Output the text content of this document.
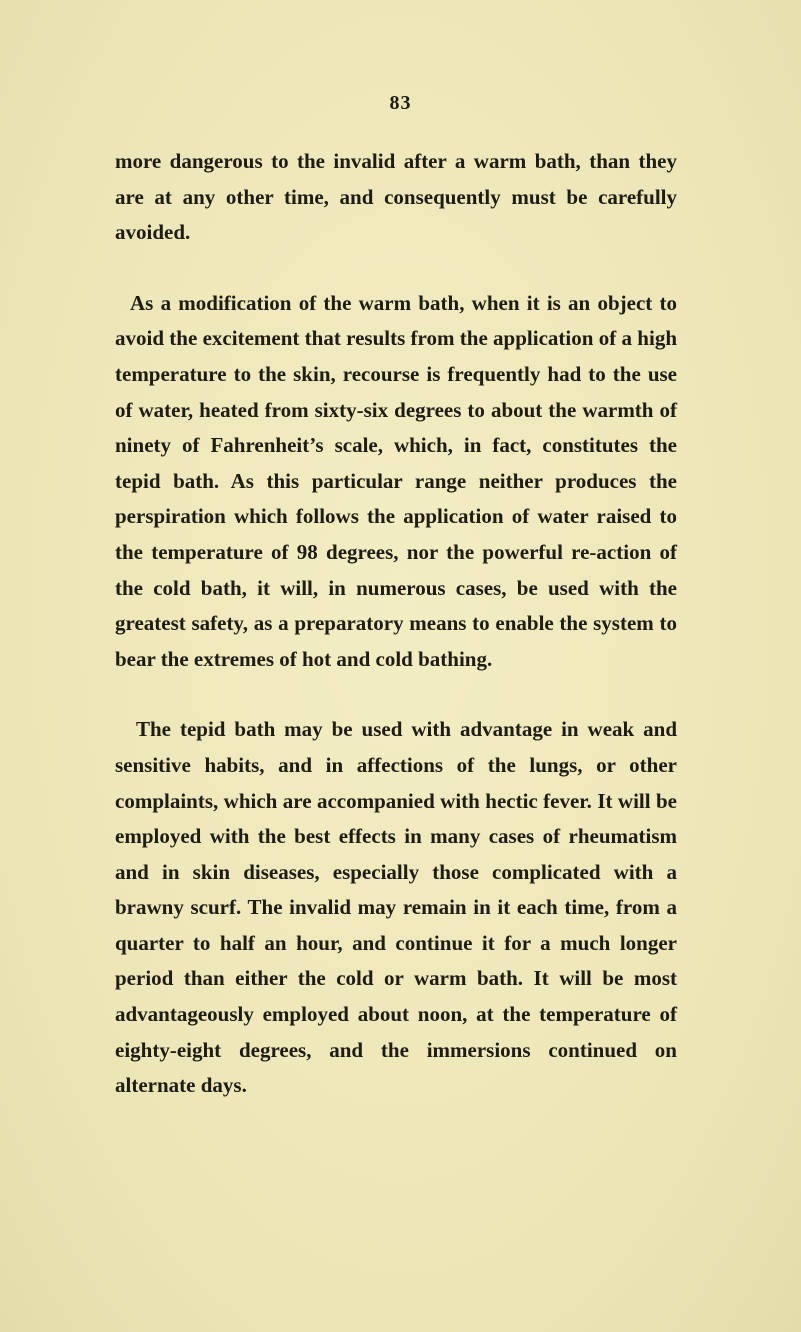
83

more dangerous to the invalid after a warm bath, than they are at any other time, and consequently must be carefully avoided.

As a modification of the warm bath, when it is an object to avoid the excitement that results from the application of a high temperature to the skin, recourse is frequently had to the use of water, heated from sixty-six degrees to about the warmth of ninety of Fahrenheit’s scale, which, in fact, constitutes the tepid bath. As this particular range neither produces the perspiration which follows the application of water raised to the temperature of 98 degrees, nor the powerful re-action of the cold bath, it will, in numerous cases, be used with the greatest safety, as a preparatory means to enable the system to bear the extremes of hot and cold bathing.

The tepid bath may be used with advantage in weak and sensitive habits, and in affections of the lungs, or other complaints, which are accompanied with hectic fever. It will be employed with the best effects in many cases of rheumatism and in skin diseases, especially those complicated with a brawny scurf. The invalid may remain in it each time, from a quarter to half an hour, and continue it for a much longer period than either the cold or warm bath. It will be most advantageously employed about noon, at the temperature of eighty-eight degrees, and the immersions continued on alternate days.
